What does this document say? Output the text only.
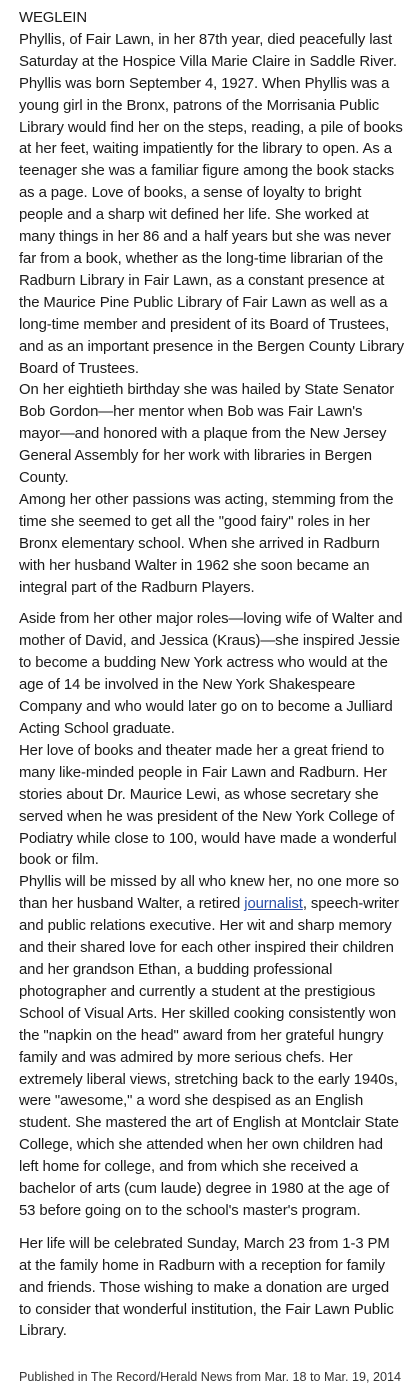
WEGLEIN

Phyllis, of Fair Lawn, in her 87th year, died peacefully last Saturday at the Hospice Villa Marie Claire in Saddle River. Phyllis was born September 4, 1927. When Phyllis was a young girl in the Bronx, patrons of the Morrisania Public Library would find her on the steps, reading, a pile of books at her feet, waiting impatiently for the library to open. As a teenager she was a familiar figure among the book stacks as a page. Love of books, a sense of loyalty to bright people and a sharp wit defined her life. She worked at many things in her 86 and a half years but she was never far from a book, whether as the long-time librarian of the Radburn Library in Fair Lawn, as a constant presence at the Maurice Pine Public Library of Fair Lawn as well as a long-time member and president of its Board of Trustees, and as an important presence in the Bergen County Library Board of Trustees.

On her eightieth birthday she was hailed by State Senator Bob Gordon—her mentor when Bob was Fair Lawn's mayor—and honored with a plaque from the New Jersey General Assembly for her work with libraries in Bergen County.

Among her other passions was acting, stemming from the time she seemed to get all the "good fairy" roles in her Bronx elementary school. When she arrived in Radburn with her husband Walter in 1962 she soon became an integral part of the Radburn Players.

Aside from her other major roles—loving wife of Walter and mother of David, and Jessica (Kraus)—she inspired Jessie to become a budding New York actress who would at the age of 14 be involved in the New York Shakespeare Company and who would later go on to become a Julliard Acting School graduate.

Her love of books and theater made her a great friend to many like-minded people in Fair Lawn and Radburn. Her stories about Dr. Maurice Lewi, as whose secretary she served when he was president of the New York College of Podiatry while close to 100, would have made a wonderful book or film.

Phyllis will be missed by all who knew her, no one more so than her husband Walter, a retired journalist, speech-writer and public relations executive. Her wit and sharp memory and their shared love for each other inspired their children and her grandson Ethan, a budding professional photographer and currently a student at the prestigious School of Visual Arts. Her skilled cooking consistently won the "napkin on the head" award from her grateful hungry family and was admired by more serious chefs. Her extremely liberal views, stretching back to the early 1940s, were "awesome," a word she despised as an English student. She mastered the art of English at Montclair State College, which she attended when her own children had left home for college, and from which she received a bachelor of arts (cum laude) degree in 1980 at the age of 53 before going on to the school's master's program.

Her life will be celebrated Sunday, March 23 from 1-3 PM at the family home in Radburn with a reception for family and friends. Those wishing to make a donation are urged to consider that wonderful institution, the Fair Lawn Public Library.

Published in The Record/Herald News from Mar. 18 to Mar. 19, 2014
